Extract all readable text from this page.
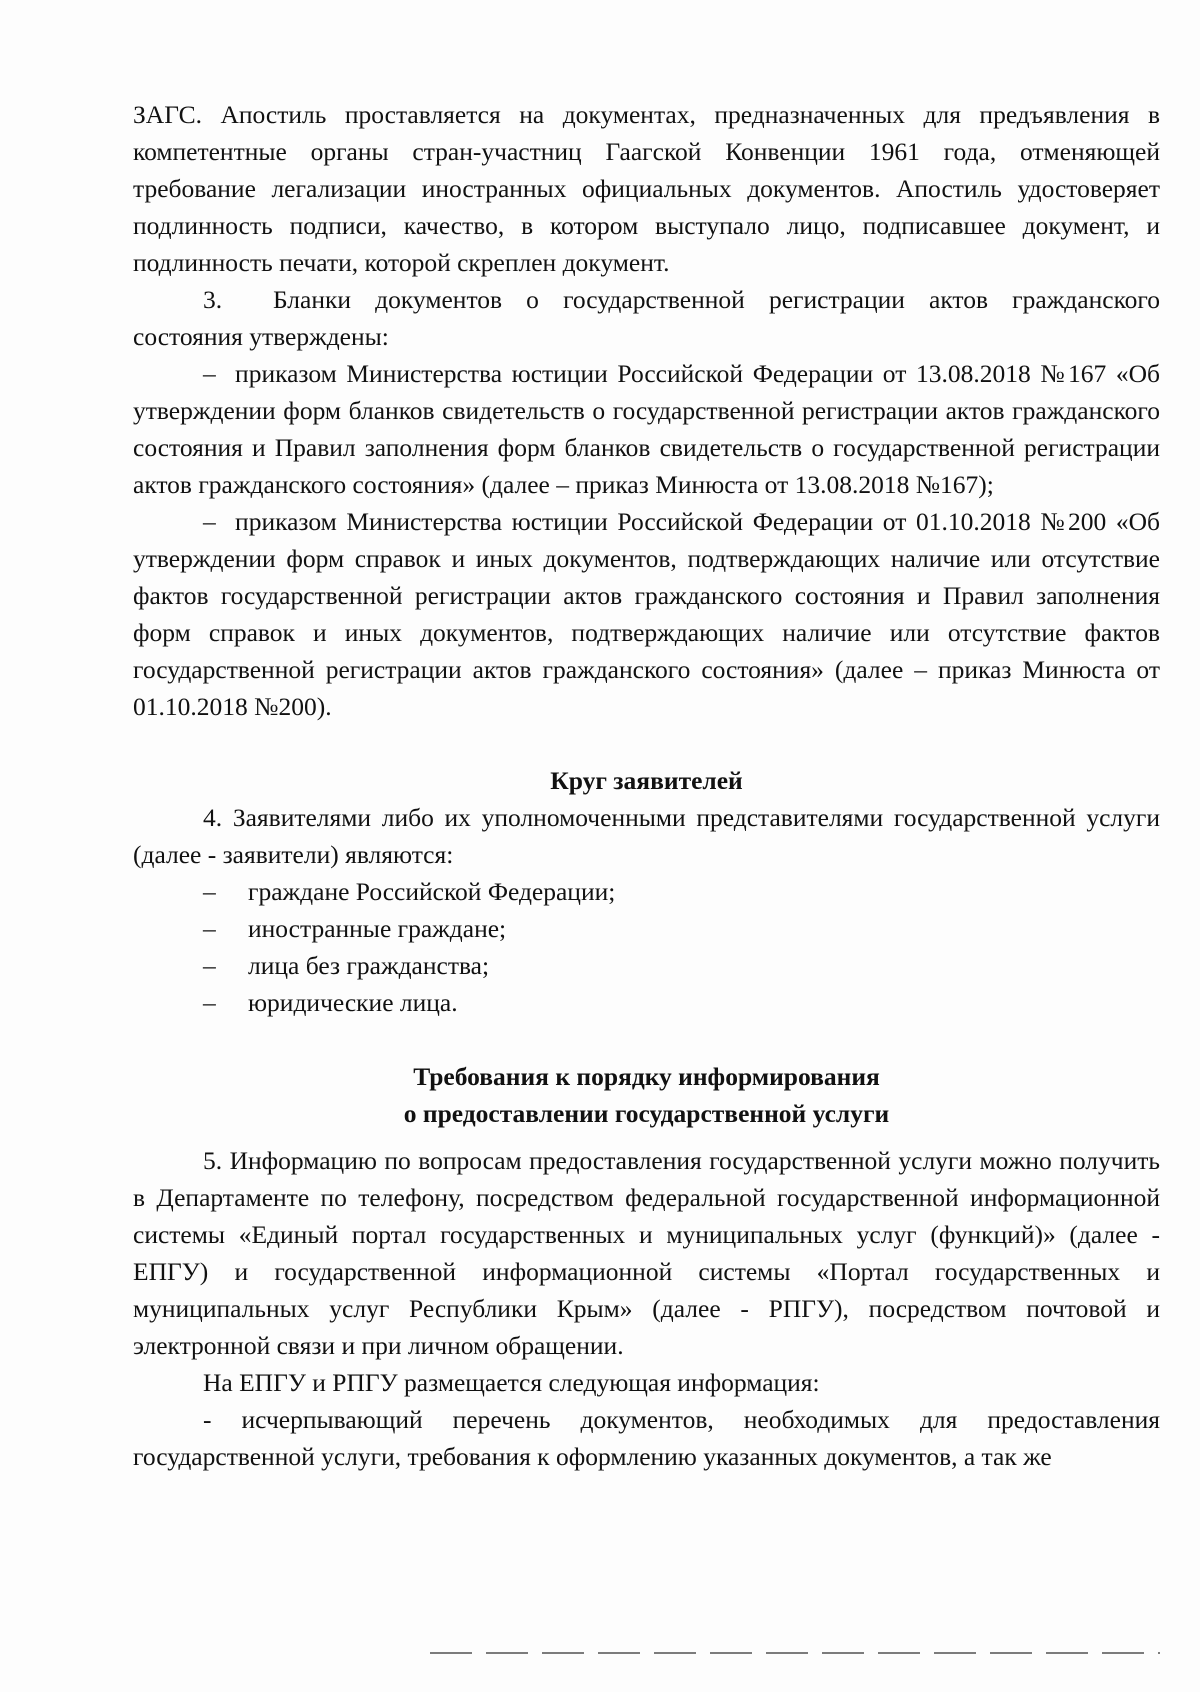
ЗАГС. Апостиль проставляется на документах, предназначенных для предъявления в компетентные органы стран-участниц Гаагской Конвенции 1961 года, отменяющей требование легализации иностранных официальных документов. Апостиль удостоверяет подлинность подписи, качество, в котором выступало лицо, подписавшее документ, и подлинность печати, которой скреплен документ.

3. Бланки документов о государственной регистрации актов гражданского состояния утверждены:

– приказом Министерства юстиции Российской Федерации от 13.08.2018 №167 «Об утверждении форм бланков свидетельств о государственной регистрации актов гражданского состояния и Правил заполнения форм бланков свидетельств о государственной регистрации актов гражданского состояния» (далее – приказ Минюста от 13.08.2018 №167);

– приказом Министерства юстиции Российской Федерации от 01.10.2018 №200 «Об утверждении форм справок и иных документов, подтверждающих наличие или отсутствие фактов государственной регистрации актов гражданского состояния и Правил заполнения форм справок и иных документов, подтверждающих наличие или отсутствие фактов государственной регистрации актов гражданского состояния» (далее – приказ Минюста от 01.10.2018 №200).

Круг заявителей

4. Заявителями либо их уполномоченными представителями государственной услуги (далее - заявители) являются:

– граждане Российской Федерации;
– иностранные граждане;
– лица без гражданства;
– юридические лица.

Требования к порядку информирования

о предоставлении государственной услуги

5. Информацию по вопросам предоставления государственной услуги можно получить в Департаменте по телефону, посредством федеральной государственной информационной системы «Единый портал государственных и муниципальных услуг (функций)» (далее - ЕПГУ) и государственной информационной системы «Портал государственных и муниципальных услуг Республики Крым» (далее - РПГУ), посредством почтовой и электронной связи и при личном обращении.

На ЕПГУ и РПГУ размещается следующая информация:

- исчерпывающий перечень документов, необходимых для предоставления государственной услуги, требования к оформлению указанных документов, а так же
